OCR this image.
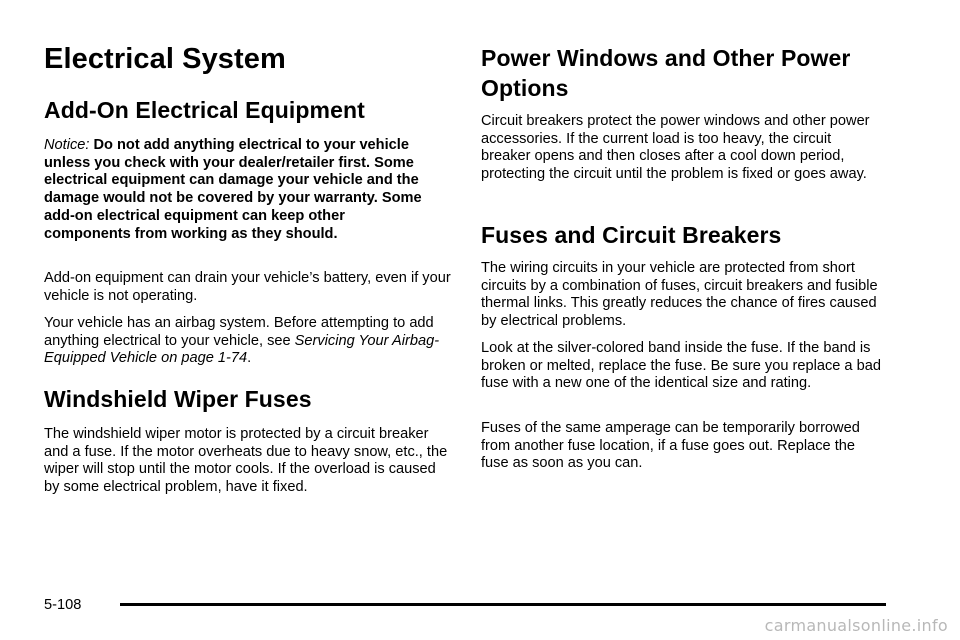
Electrical System
Add-On Electrical Equipment

Notice: Do not add anything electrical to your vehicle unless you check with your dealer/retailer first. Some electrical equipment can damage your vehicle and the damage would not be covered by your warranty. Some add-on electrical equipment can keep other components from working as they should.

Add-on equipment can drain your vehicle’s battery, even if your vehicle is not operating.

Your vehicle has an airbag system. Before attempting to add anything electrical to your vehicle, see Servicing Your Airbag-Equipped Vehicle on page 1-74.

Windshield Wiper Fuses

The windshield wiper motor is protected by a circuit breaker and a fuse. If the motor overheats due to heavy snow, etc., the wiper will stop until the motor cools. If the overload is caused by some electrical problem, have it fixed.

Power Windows and Other Power Options

Circuit breakers protect the power windows and other power accessories. If the current load is too heavy, the circuit breaker opens and then closes after a cool down period, protecting the circuit until the problem is fixed or goes away.

Fuses and Circuit Breakers

The wiring circuits in your vehicle are protected from short circuits by a combination of fuses, circuit breakers and fusible thermal links. This greatly reduces the chance of fires caused by electrical problems.

Look at the silver-colored band inside the fuse. If the band is broken or melted, replace the fuse. Be sure you replace a bad fuse with a new one of the identical size and rating.

Fuses of the same amperage can be temporarily borrowed from another fuse location, if a fuse goes out. Replace the fuse as soon as you can.

5-108
carmanualsonline.info
